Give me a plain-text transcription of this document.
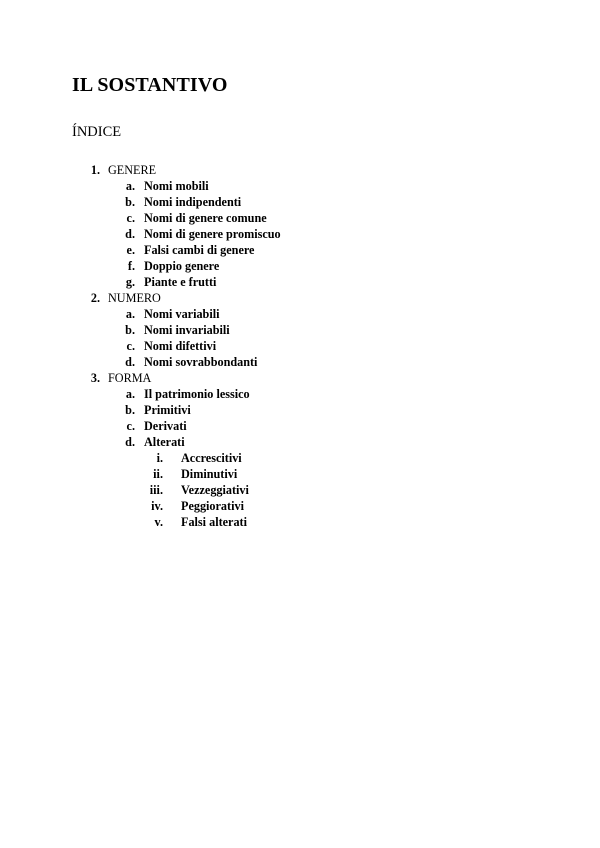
IL SOSTANTIVO
ÍNDICE
1. GENERE
a. Nomi mobili
b. Nomi indipendenti
c. Nomi di genere comune
d. Nomi di genere promiscuo
e. Falsi cambi di genere
f. Doppio genere
g. Piante e frutti
2. NUMERO
a. Nomi variabili
b. Nomi invariabili
c. Nomi difettivi
d. Nomi sovrabbondanti
3. FORMA
a. Il patrimonio lessico
b. Primitivi
c. Derivati
d. Alterati
i. Accrescitivi
ii. Diminutivi
iii. Vezzeggiativi
iv. Peggiorativi
v. Falsi alterati
